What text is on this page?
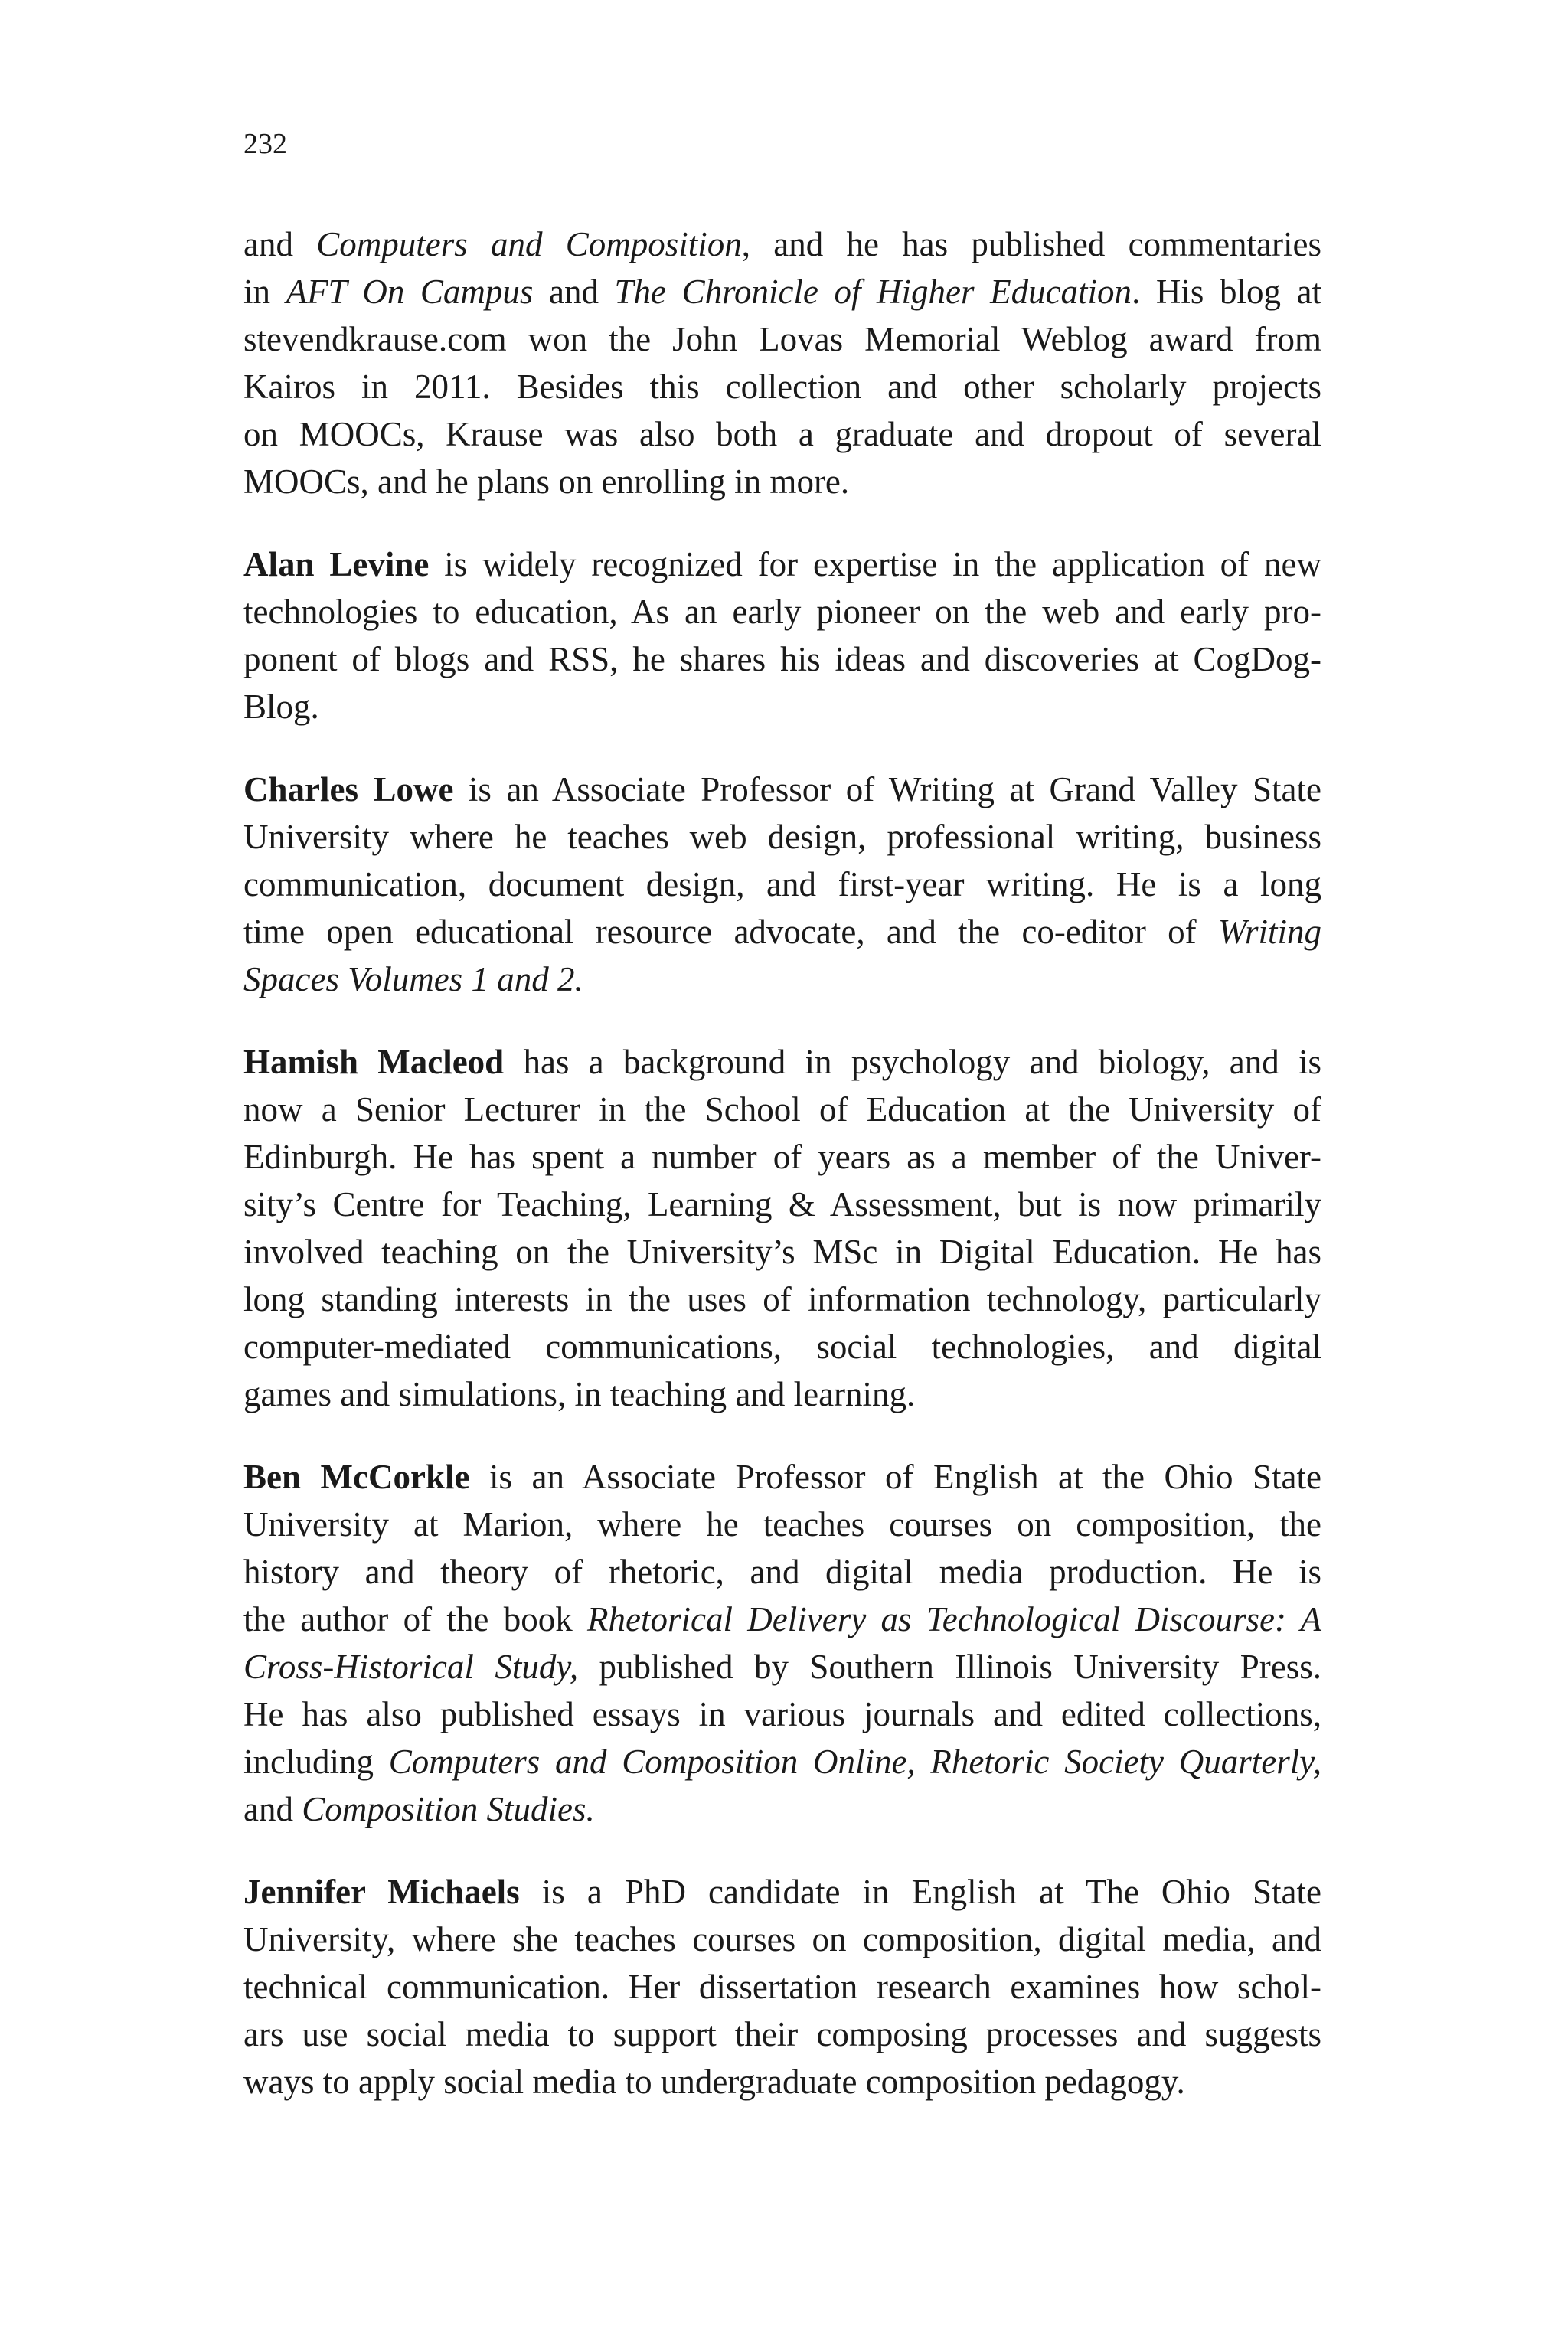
232

and Computers and Composition, and he has published commentaries
in AFT On Campus and The Chronicle of Higher Education. His blog at
stevendkrause.com won the John Lovas Memorial Weblog award from
Kairos in 2011. Besides this collection and other scholarly projects
on MOOCs, Krause was also both a graduate and dropout of several
MOOCs, and he plans on enrolling in more.

Alan Levine is widely recognized for expertise in the application of new
technologies to education, As an early pioneer on the web and early pro-
ponent of blogs and RSS, he shares his ideas and discoveries at CogDog-
Blog.

Charles Lowe is an Associate Professor of Writing at Grand Valley State
University where he teaches web design, professional writing, business
communication, document design, and first-year writing. He is a long
time open educational resource advocate, and the co-editor of Writing
Spaces Volumes 1 and 2.

Hamish Macleod has a background in psychology and biology, and is
now a Senior Lecturer in the School of Education at the University of
Edinburgh. He has spent a number of years as a member of the Univer-
sity’s Centre for Teaching, Learning & Assessment, but is now primarily
involved teaching on the University’s MSc in Digital Education. He has
long standing interests in the uses of information technology, particularly
computer-mediated communications, social technologies, and digital
games and simulations, in teaching and learning.

Ben McCorkle is an Associate Professor of English at the Ohio State
University at Marion, where he teaches courses on composition, the
history and theory of rhetoric, and digital media production. He is
the author of the book Rhetorical Delivery as Technological Discourse: A
Cross-Historical Study, published by Southern Illinois University Press.
He has also published essays in various journals and edited collections,
including Computers and Composition Online, Rhetoric Society Quarterly,
and Composition Studies.

Jennifer Michaels is a PhD candidate in English at The Ohio State
University, where she teaches courses on composition, digital media, and
technical communication. Her dissertation research examines how schol-
ars use social media to support their composing processes and suggests
ways to apply social media to undergraduate composition pedagogy.
